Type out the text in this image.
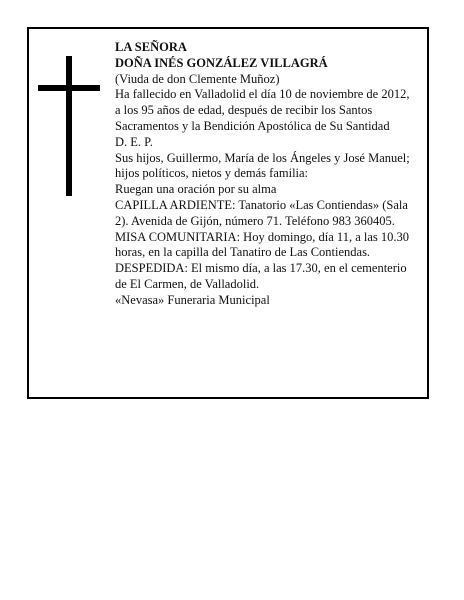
LA SEÑORA

DOÑA INÉS GONZÁLEZ VILLAGRÁ

(Viuda de don Clemente Muñoz)

Ha fallecido en Valladolid el día 10 de noviembre de 2012, a los 95 años de edad, después de recibir los Santos Sacramentos y la Bendición Apostólica de Su Santidad

D. E. P.

Sus hijos, Guillermo, María de los Ángeles y José Manuel; hijos políticos, nietos y demás familia:

Ruegan una oración por su alma

CAPILLA ARDIENTE: Tanatorio «Las Contiendas» (Sala 2). Avenida de Gijón, número 71. Teléfono 983 360405.

MISA COMUNITARIA: Hoy domingo, día 11, a las 10.30 horas, en la capilla del Tanatiro de Las Contiendas.

DESPEDIDA: El mismo día, a las 17.30, en el cementerio de El Carmen, de Valladolid.

«Nevasa» Funeraria Municipal
